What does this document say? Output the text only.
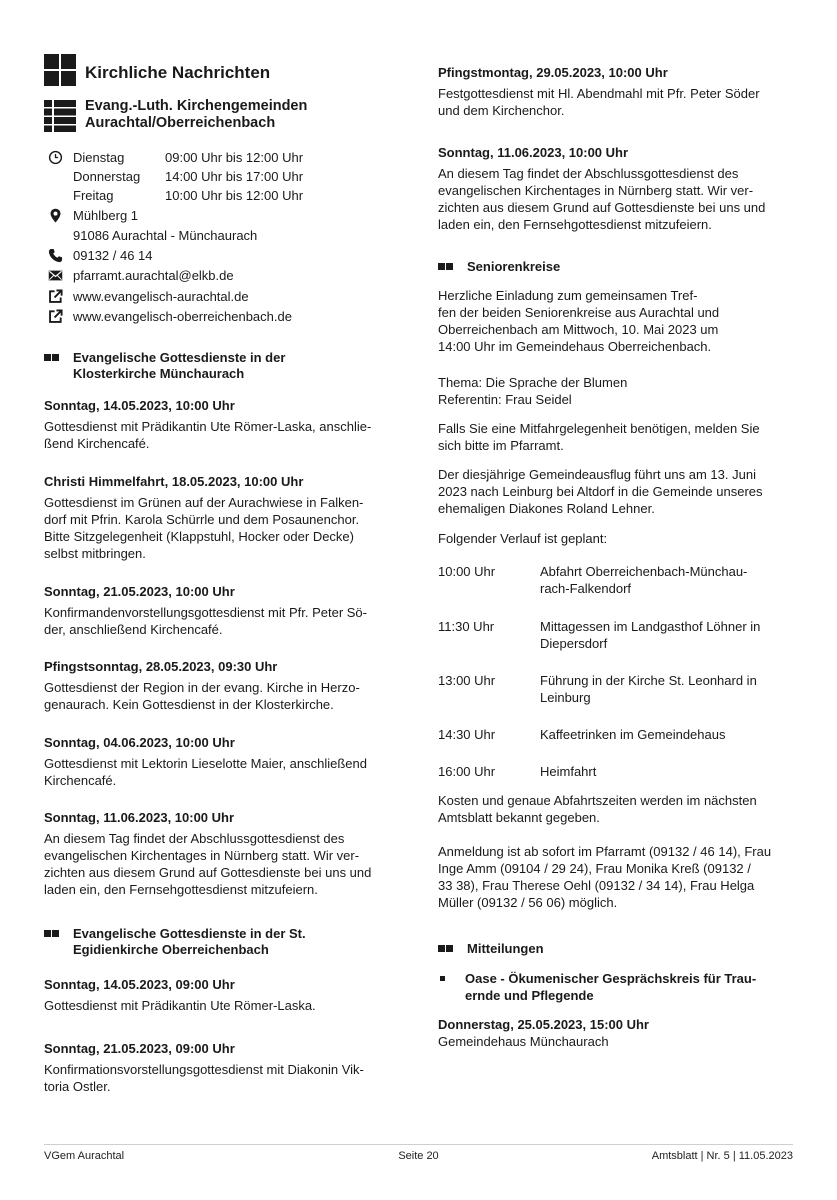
Kirchliche Nachrichten
Evang.-Luth. Kirchengemeinden
Aurachtal/Oberreichenbach
Dienstag	09:00 Uhr bis 12:00 Uhr
Donnerstag 14:00 Uhr bis 17:00 Uhr
Freitag	10:00 Uhr bis 12:00 Uhr
Mühlberg 1
91086 Aurachtal - Münchaurach
09132 / 46 14
pfarramt.aurachtal@elkb.de
www.evangelisch-aurachtal.de
www.evangelisch-oberreichenbach.de
Evangelische Gottesdienste in der
Klosterkirche Münchaurach
Sonntag, 14.05.2023, 10:00 Uhr
Gottesdienst mit Prädikantin Ute Römer-Laska, anschlie-
ßend Kirchencafé.
Christi Himmelfahrt, 18.05.2023, 10:00 Uhr
Gottesdienst im Grünen auf der Aurachwiese in Falken-
dorf mit Pfrin. Karola Schürrle und dem Posaunenchor.
Bitte Sitzgelegenheit (Klappstuhl, Hocker oder Decke)
selbst mitbringen.
Sonntag, 21.05.2023, 10:00 Uhr
Konfirmandenvorstellungsgottesdienst mit Pfr. Peter Sö-
der, anschließend Kirchencafé.
Pfingstsonntag, 28.05.2023, 09:30 Uhr
Gottesdienst der Region in der evang. Kirche in Herzo-
genaurach. Kein Gottesdienst in der Klosterkirche.
Sonntag, 04.06.2023, 10:00 Uhr
Gottesdienst mit Lektorin Lieselotte Maier, anschließend
Kirchencafé.
Sonntag, 11.06.2023, 10:00 Uhr
An diesem Tag findet der Abschlussgottesdienst des
evangelischen Kirchentages in Nürnberg statt. Wir ver-
zichten aus diesem Grund auf Gottesdienste bei uns und
laden ein, den Fernsehgottesdienst mitzufeiern.
Evangelische Gottesdienste in der St.
Egidienkirche Oberreichenbach
Sonntag, 14.05.2023, 09:00 Uhr
Gottesdienst mit Prädikantin Ute Römer-Laska.
Sonntag, 21.05.2023, 09:00 Uhr
Konfirmationsvorstellungsgottesdienst mit Diakonin Vik-
toria Ostler.
Pfingstmontag, 29.05.2023, 10:00 Uhr
Festgottesdienst mit Hl. Abendmahl mit Pfr. Peter Söder
und dem Kirchenchor.
Sonntag, 11.06.2023, 10:00 Uhr
An diesem Tag findet der Abschlussgottesdienst des
evangelischen Kirchentages in Nürnberg statt. Wir ver-
zichten aus diesem Grund auf Gottesdienste bei uns und
laden ein, den Fernsehgottesdienst mitzufeiern.
Seniorenkreise
Herzliche Einladung zum gemeinsamen Tref-
fen der beiden Seniorenkreise aus Aurachtal und
Oberreichenbach am Mittwoch, 10. Mai 2023 um
14:00 Uhr im Gemeindehaus Oberreichenbach.
Thema: Die Sprache der Blumen
Referentin: Frau Seidel
Falls Sie eine Mitfahrgelegenheit benötigen, melden Sie
sich bitte im Pfarramt.
Der diesjährige Gemeindeausflug führt uns am 13. Juni
2023 nach Leinburg bei Altdorf in die Gemeinde unseres
ehemaligen Diakones Roland Lehner.
Folgender Verlauf ist geplant:
10:00 Uhr	Abfahrt Oberreichenbach-Münchau-
rach-Falkendorf
11:30 Uhr	Mittagessen im Landgasthof Löhner in
Diepersdorf
13:00 Uhr	Führung in der Kirche St. Leonhard in
Leinburg
14:30 Uhr	Kaffeetrinken im Gemeindehaus
16:00 Uhr	Heimfahrt
Kosten und genaue Abfahrtszeiten werden im nächsten
Amtsblatt bekannt gegeben.
Anmeldung ist ab sofort im Pfarramt (09132 / 46 14), Frau
Inge Amm (09104 / 29 24), Frau Monika Kreß (09132 /
33 38), Frau Therese Oehl (09132 / 34 14), Frau Helga
Müller (09132 / 56 06) möglich.
Mitteilungen
Oase - Ökumenischer Gesprächskreis für Trau-
ernde und Pflegende
Donnerstag, 25.05.2023, 15:00 Uhr
Gemeindehaus Münchaurach
VGem Aurachtal	Seite 20	Amtsblatt | Nr. 5 | 11.05.2023
